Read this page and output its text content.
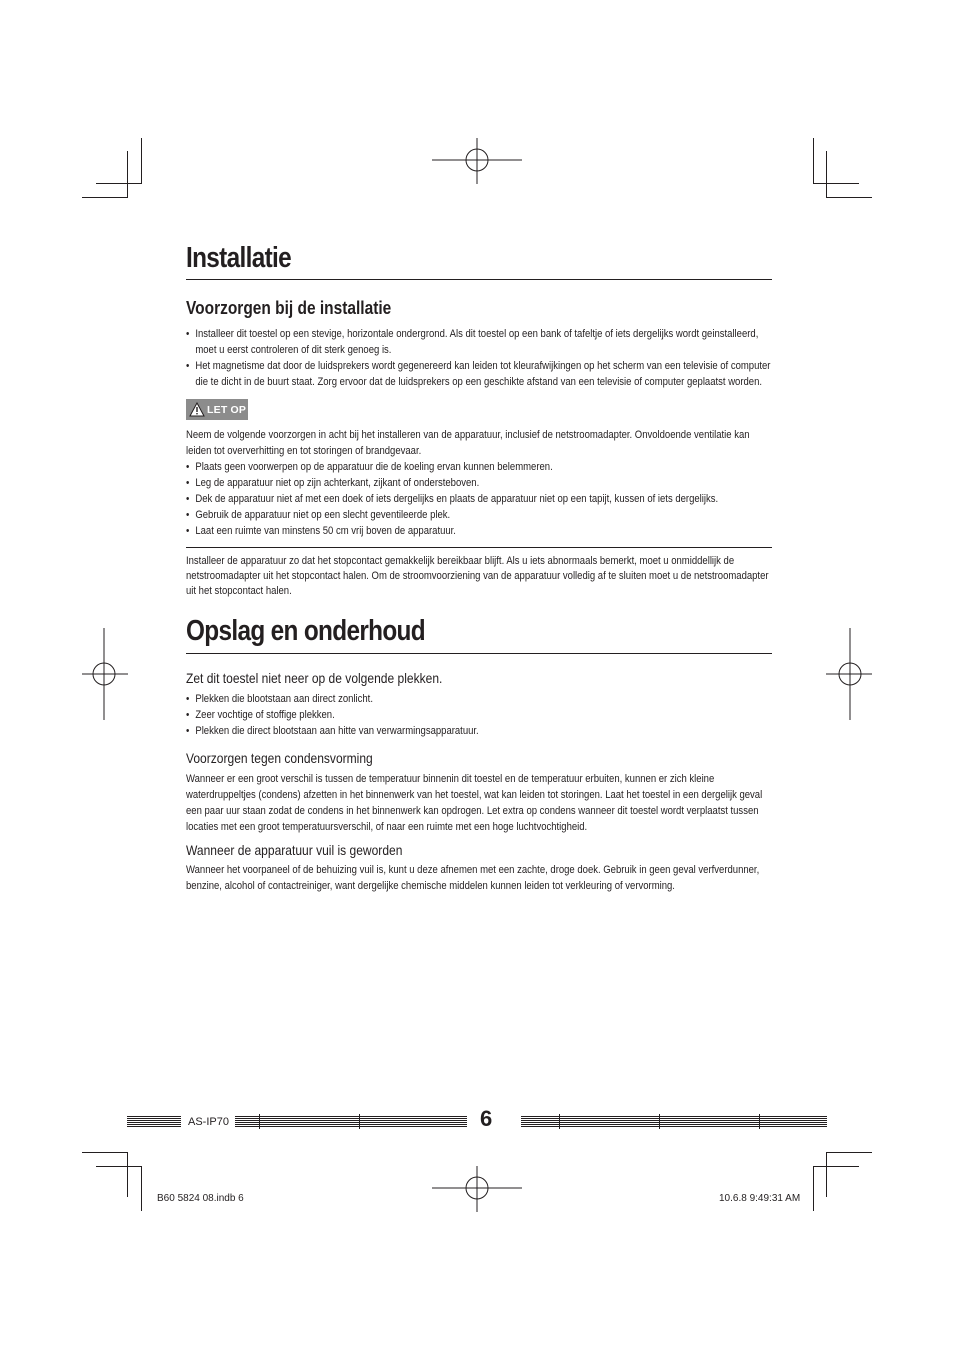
Installatie
Voorzorgen bij de installatie
• Installeer dit toestel op een stevige, horizontale ondergrond. Als dit toestel op een bank of tafeltje of iets dergelijks wordt geinstalleerd, moet u eerst controleren of dit sterk genoeg is.
• Het magnetisme dat door de luidsprekers wordt gegenereerd kan leiden tot kleurafwijkingen op het scherm van een televisie of computer die te dicht in de buurt staat. Zorg ervoor dat de luidsprekers op een geschikte afstand van een televisie of computer geplaatst worden.
LET OP

Neem de volgende voorzorgen in acht bij het installeren van de apparatuur, inclusief de netstroomadapter. Onvoldoende ventilatie kan leiden tot oververhitting en tot storingen of brandgevaar.

• Plaats geen voorwerpen op de apparatuur die de koeling ervan kunnen belemmeren.
• Leg de apparatuur niet op zijn achterkant, zijkant of ondersteboven.
• Dek de apparatuur niet af met een doek of iets dergelijks en plaats de apparatuur niet op een tapijt, kussen of iets dergelijks.
• Gebruik de apparatuur niet op een slecht geventileerde plek.
• Laat een ruimte van minstens 50 cm vrij boven de apparatuur.

Installeer de apparatuur zo dat het stopcontact gemakkelijk bereikbaar blijft. Als u iets abnormaals bemerkt, moet u onmiddellijk de netstroomadapter uit het stopcontact halen. Om de stroomvoorziening van de apparatuur volledig af te sluiten moet u de netstroomadapter uit het stopcontact halen.

Opslag en onderhoud
Zet dit toestel niet neer op de volgende plekken.
• Plekken die blootstaan aan direct zonlicht.
• Zeer vochtige of stoffige plekken.
• Plekken die direct blootstaan aan hitte van verwarmingsapparatuur.
Voorzorgen tegen condensvorming

Wanneer er een groot verschil is tussen de temperatuur binnenin dit toestel en de temperatuur erbuiten, kunnen er zich kleine waterdruppeltjes (condens) afzetten in het binnenwerk van het toestel, wat kan leiden tot storingen. Laat het toestel in een dergelijk geval een paar uur staan zodat de condens in het binnenwerk kan opdrogen. Let extra op condens wanneer dit toestel wordt verplaatst tussen locaties met een groot temperatuursverschil, of naar een ruimte met een hoge luchtvochtigheid.

Wanneer de apparatuur vuil is geworden

Wanneer het voorpaneel of de behuizing vuil is, kunt u deze afnemen met een zachte, droge doek. Gebruik in geen geval verfverdunner, benzine, alcohol of contactreiniger, want dergelijke chemische middelen kunnen leiden tot verkleuring of vervorming.

AS-IP70	6
B60 5824 08.indb 6	10.6.8 9:49:31 AM
